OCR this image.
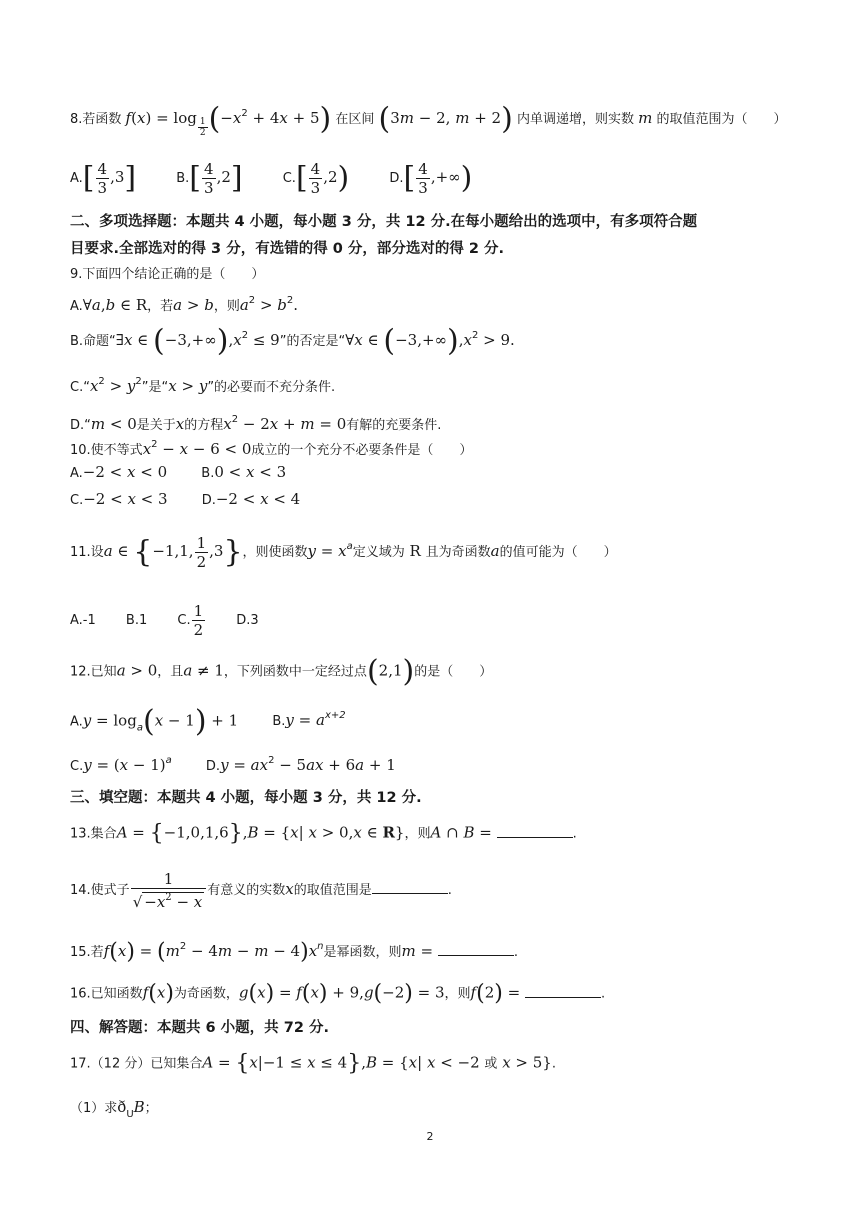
8.若函数 $f(x) = \log \frac{1}{2} (-x^2 + 4x + 5)$ 在区间 (3m − 2, m + 2) 内单调递增，则实数 m 的取值范围为（　　）
$A.[ \frac{4}{3} ,3]$	$B.[ \frac{4}{3} ,2]$	$C.[ \frac{4}{3} ,2)$	$D.[ \frac{4}{3}$ ,+∞)
二、多项选择题：本题共 4 小题，每小题 3 分，共 12 分.在每小题给出的选项中，有多项符合题
目要求.全部选对的得 3 分，有选错的得 0 分，部分选对的得 2 分.
9.下面四个结论正确的是（　　）
A.∀a,b ∈ R，若a > b，则$a^2 > b^2$.
B.命题“∃x ∈ $(-3,+\infty),x^2 \le 9$”的否定是“∀x ∈ $(-3,+\infty),x^2 > 9$.
$C.“x^2 > y^2$”是“x > y”的必要而不充分条件.
D.“m < 0是关于x的方程$x^2 - 2x + m = 0$有解的充要条件.
10.使不等式$x^2 - x - 6 < 0$成立的一个充分不必要条件是（　　）
A.−2 < x < 0	B.0 < x < 3
C.−2 < x < 3	D.−2 < x < 4
11.设a ∈ {−1,1, $\frac{1}{2} ,3$}，则使函数$y = x^a$定义域为 R 且为奇函数a的值可能为（　　）
A.-1 B.1 C. $\frac{1}{2} D.3$
12.已知a > 0，且a ≠ 1，下列函数中一定经过点(2,1)的是（　　）
$A.y = \log_a(x - 1) + 1$	$B.y = a^{x+2}$
$C.y = (x - 1)^a$	$D.y = ax^2 - 5ax + 6a + 1$
三、填空题：本题共 4 小题，每小题 3 分，共 12 分.
13.集合A = {−1,0,1,6},B = {x| x > 0,x ∈ R}，则A ∩ B =	.
14.使式子 $\frac{1}{√ -x^2 - x}$ 有意义的实数x的取值范围是	.
15.若$f(x) = (m^2 - 4m - m - 4)x^n$是幂函数，则m =	.
16.已知函数f(x)为奇函数，g(x) = f(x) + 9,g(−2) = 3，则f(2) =	.
四、解答题：本题共 6 小题，共 72 分.
17.（12 分）已知集合A = {x|−1 ≤ x ≤ 4},B = {x| x < −2 或 x > 5}.
（1）求$ð_UB$；
2
